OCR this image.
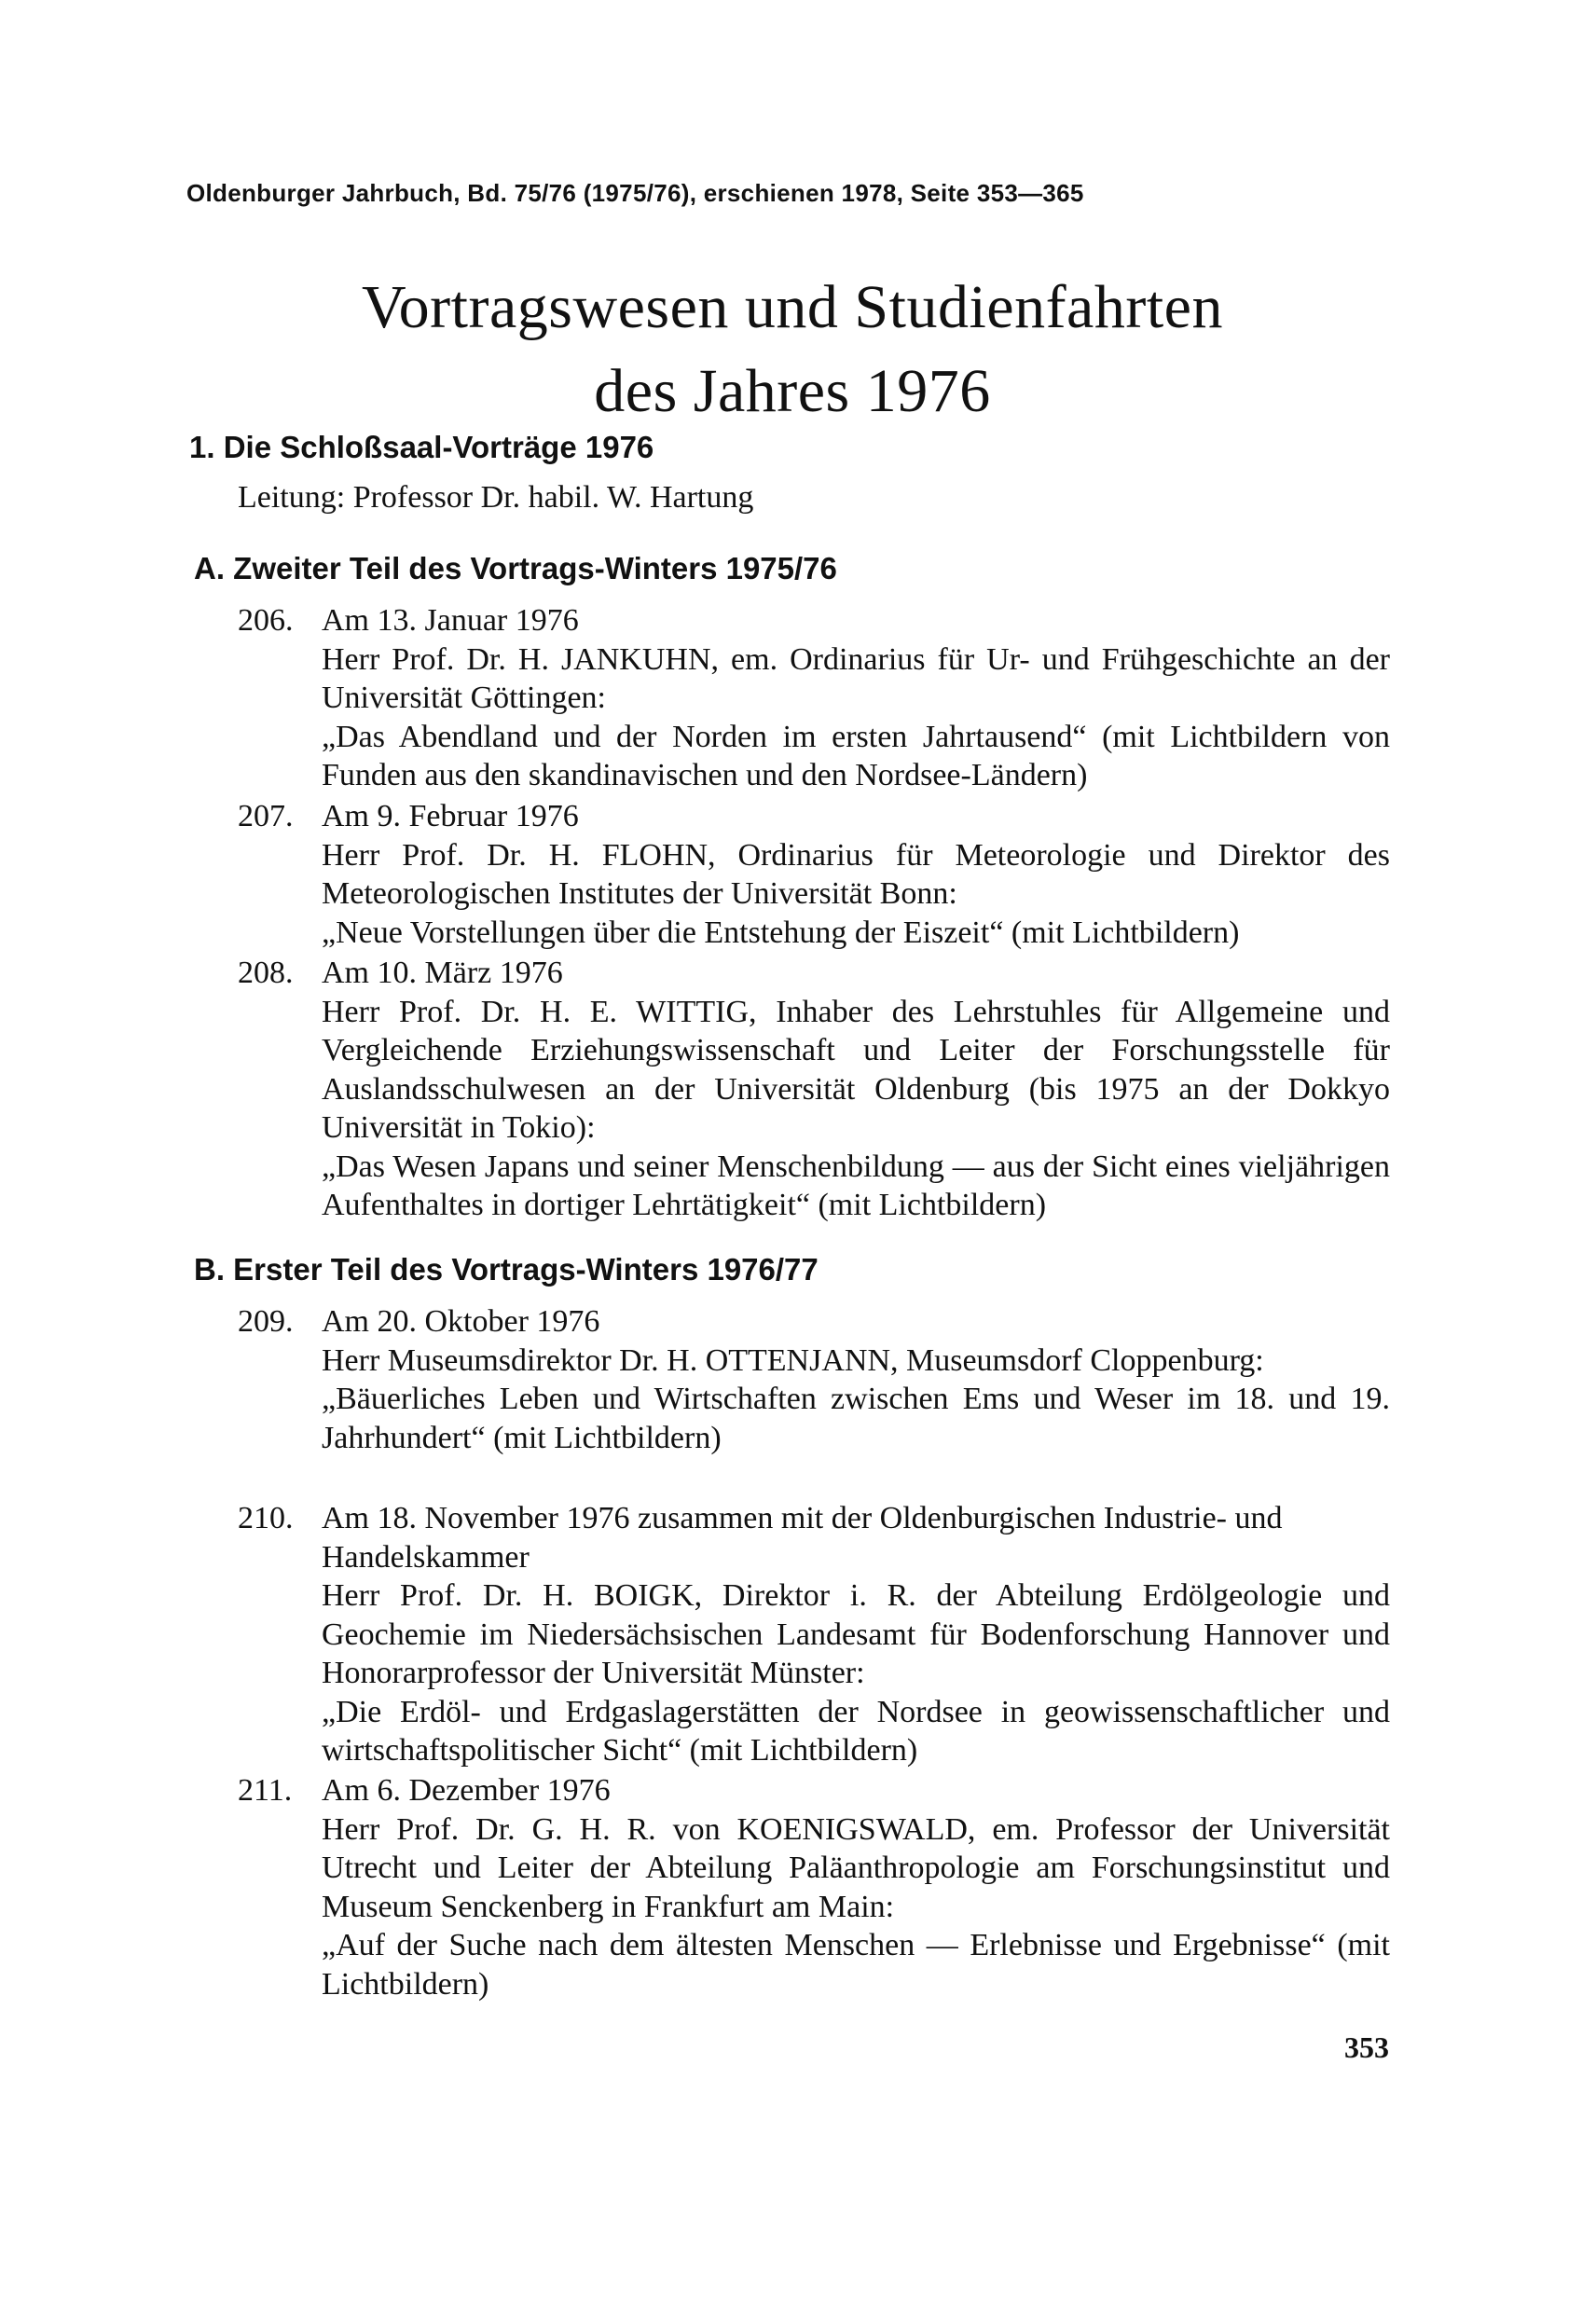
Oldenburger Jahrbuch, Bd. 75/76 (1975/76), erschienen 1978, Seite 353—365
Vortragswesen und Studienfahrten
des Jahres 1976
1. Die Schloßsaal-Vorträge 1976
Leitung: Professor Dr. habil. W. Hartung
A. Zweiter Teil des Vortrags-Winters 1975/76
206. Am 13. Januar 1976
Herr Prof. Dr. H. JANKUHN, em. Ordinarius für Ur- und Frühgeschichte an der Universität Göttingen:
„Das Abendland und der Norden im ersten Jahrtausend“ (mit Lichtbildern von Funden aus den skandinavischen und den Nordsee-Ländern)
207. Am 9. Februar 1976
Herr Prof. Dr. H. FLOHN, Ordinarius für Meteorologie und Direktor des Meteorologischen Institutes der Universität Bonn:
„Neue Vorstellungen über die Entstehung der Eiszeit“ (mit Lichtbildern)
208. Am 10. März 1976
Herr Prof. Dr. H. E. WITTIG, Inhaber des Lehrstuhles für Allgemeine und Vergleichende Erziehungswissenschaft und Leiter der Forschungsstelle für Auslandsschulwesen an der Universität Oldenburg (bis 1975 an der Dokkyo Universität in Tokio):
„Das Wesen Japans und seiner Menschenbildung — aus der Sicht eines vieljährigen Aufenthaltes in dortiger Lehrtätigkeit“ (mit Lichtbildern)
B. Erster Teil des Vortrags-Winters 1976/77
209. Am 20. Oktober 1976
Herr Museumsdirektor Dr. H. OTTENJANN, Museumsdorf Cloppenburg:
„Bäuerliches Leben und Wirtschaften zwischen Ems und Weser im 18. und 19. Jahrhundert“ (mit Lichtbildern)
210. Am 18. November 1976 zusammen mit der Oldenburgischen Industrie- und Handelskammer
Herr Prof. Dr. H. BOIGK, Direktor i. R. der Abteilung Erdölgeologie und Geochemie im Niedersächsischen Landesamt für Bodenforschung Hannover und Honorarprofessor der Universität Münster:
„Die Erdöl- und Erdgaslagerstätten der Nordsee in geowissenschaftlicher und wirtschaftspolitischer Sicht“ (mit Lichtbildern)
211. Am 6. Dezember 1976
Herr Prof. Dr. G. H. R. von KOENIGSWALD, em. Professor der Universität Utrecht und Leiter der Abteilung Paläanthropologie am Forschungsinstitut und Museum Senckenberg in Frankfurt am Main:
„Auf der Suche nach dem ältesten Menschen — Erlebnisse und Ergebnisse“ (mit Lichtbildern)
353
